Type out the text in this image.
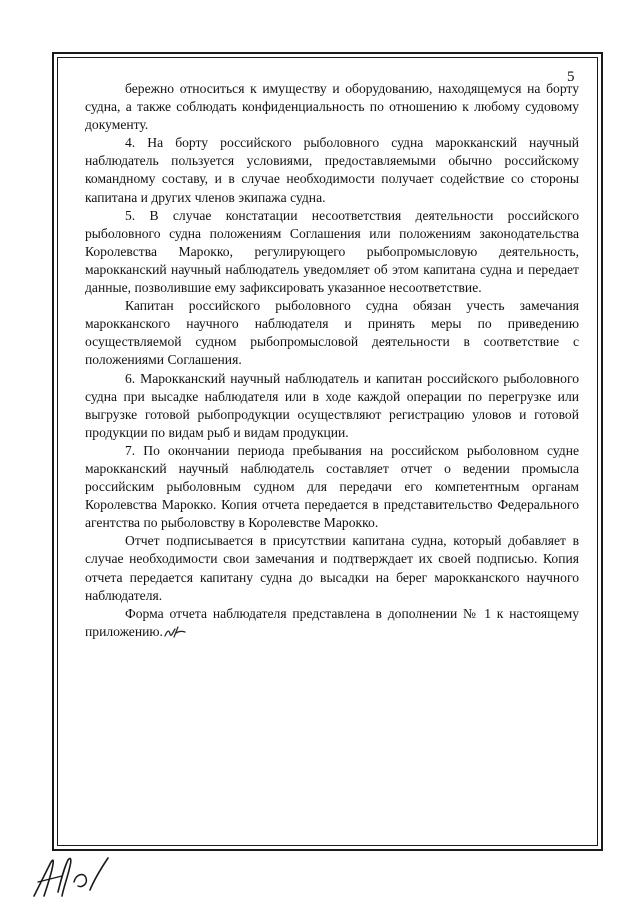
5

бережно относиться к имуществу и оборудованию, находящемуся на борту судна, а также соблюдать конфиденциальность по отношению к любому судовому документу.

4. На борту российского рыболовного судна марокканский научный наблюдатель пользуется условиями, предоставляемыми обычно российскому командному составу, и в случае необходимости получает содействие со стороны капитана и других членов экипажа судна.

5. В случае констатации несоответствия деятельности российского рыболовного судна положениям Соглашения или положениям законодательства Королевства Марокко, регулирующего рыбопромысловую деятельность, марокканский научный наблюдатель уведомляет об этом капитана судна и передает данные, позволившие ему зафиксировать указанное несоответствие.

Капитан российского рыболовного судна обязан учесть замечания марокканского научного наблюдателя и принять меры по приведению осуществляемой судном рыбопромысловой деятельности в соответствие с положениями Соглашения.

6. Марокканский научный наблюдатель и капитан российского рыболовного судна при высадке наблюдателя или в ходе каждой операции по перегрузке или выгрузке готовой рыбопродукции осуществляют регистрацию уловов и готовой продукции по видам рыб и видам продукции.

7. По окончании периода пребывания на российском рыболовном судне марокканский научный наблюдатель составляет отчет о ведении промысла российским рыболовным судном для передачи его компетентным органам Королевства Марокко. Копия отчета передается в представительство Федерального агентства по рыболовству в Королевстве Марокко.

Отчет подписывается в присутствии капитана судна, который добавляет в случае необходимости свои замечания и подтверждает их своей подписью. Копия отчета передается капитану судна до высадки на берег марокканского научного наблюдателя.

Форма отчета наблюдателя представлена в дополнении № 1 к настоящему приложению.
